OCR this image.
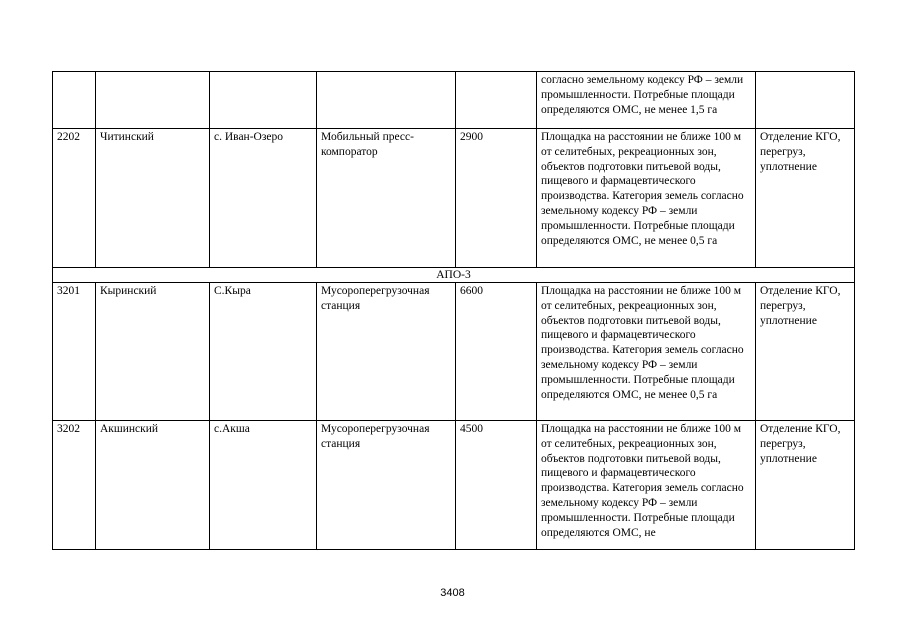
					согласно земельному кодексу РФ – земли промышленности. Потребные площади определяются ОМС, не менее 1,5 га	
2202	Читинский	с. Иван-Озеро	Мобильный пресс-компоратор	2900	Площадка на расстоянии не ближе 100 м от селитебных, рекреационных зон, объектов подготовки питьевой воды, пищевого и фармацевтического производства. Категория земель согласно земельному кодексу РФ – земли промышленности. Потребные площади определяются ОМС, не менее 0,5 га	Отделение КГО, перегруз, уплотнение
АПО-3						
3201	Кыринский	С.Кыра	Мусороперегрузочная станция	6600	Площадка на расстоянии не ближе 100 м от селитебных, рекреационных зон, объектов подготовки питьевой воды, пищевого и фармацевтического производства. Категория земель согласно земельному кодексу РФ – земли промышленности. Потребные площади определяются ОМС, не менее 0,5 га	Отделение КГО, перегруз, уплотнение
3202	Акшинский	с.Акша	Мусороперегрузочная станция	4500	Площадка на расстоянии не ближе 100 м от селитебных, рекреационных зон, объектов подготовки питьевой воды, пищевого и фармацевтического производства. Категория земель согласно земельному кодексу РФ – земли промышленности. Потребные площади определяются ОМС, не	Отделение КГО, перегруз, уплотнение
3408
